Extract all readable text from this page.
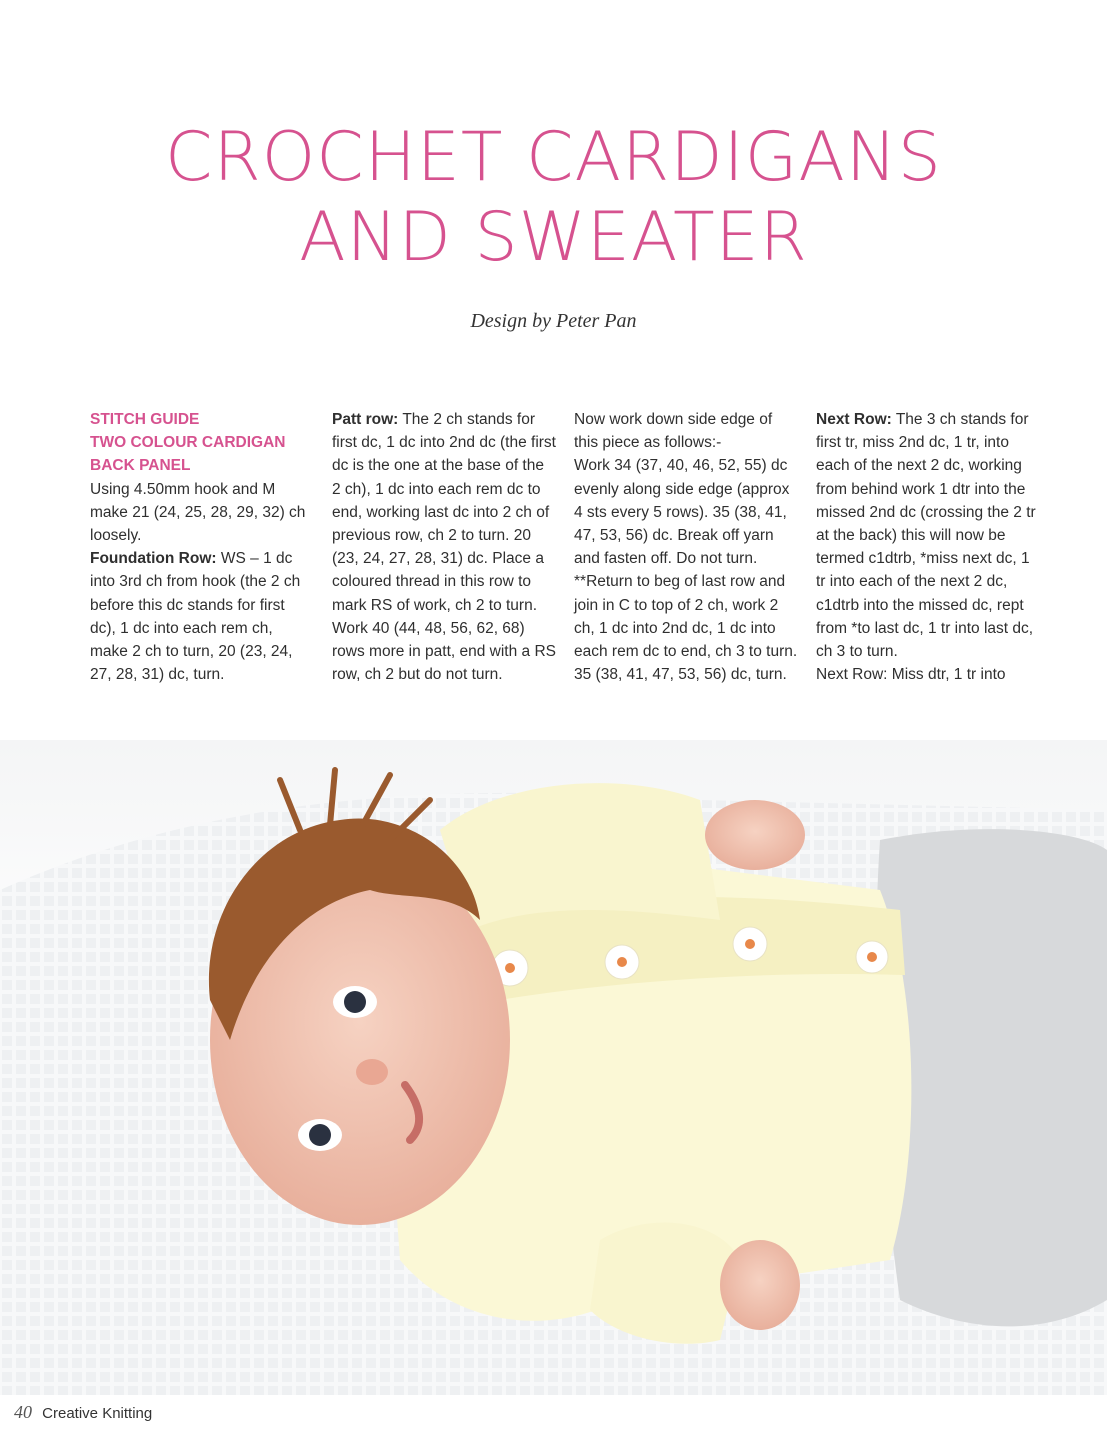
CROCHET CARDIGANS
AND SWEATER
Design by Peter Pan

STITCH GUIDE

TWO COLOUR CARDIGAN

BACK PANEL

Using 4.50mm hook and M make 21 (24, 25, 28, 29, 32) ch loosely.

Foundation Row: WS – 1 dc into 3rd ch from hook (the 2 ch before this dc stands for first dc), 1 dc into each rem ch, make 2 ch to turn, 20 (23, 24, 27, 28, 31) dc, turn.

Patt row: The 2 ch stands for first dc, 1 dc into 2nd dc (the first dc is the one at the base of the 2 ch), 1 dc into each rem dc to end, working last dc into 2 ch of previous row, ch 2 to turn. 20 (23, 24, 27, 28, 31) dc. Place a coloured thread in this row to mark RS of work, ch 2 to turn.

Work 40 (44, 48, 56, 62, 68) rows more in patt, end with a RS row, ch 2 but do not turn.

Now work down side edge of this piece as follows:-

Work 34 (37, 40, 46, 52, 55) dc evenly along side edge (approx 4 sts every 5 rows). 35 (38, 41, 47, 53, 56) dc. Break off yarn and fasten off. Do not turn.

**Return to beg of last row and join in C to top of 2 ch, work 2 ch, 1 dc into 2nd dc, 1 dc into each rem dc to end, ch 3 to turn. 35 (38, 41, 47, 53, 56) dc, turn.

Next Row: The 3 ch stands for first tr, miss 2nd dc, 1 tr, into each of the next 2 dc, working from behind work 1 dtr into the missed 2nd dc (crossing the 2 tr at the back) this will now be termed c1dtrb, *miss next dc, 1 tr into each of the next 2 dc, c1dtrb into the missed dc, rept from *to last dc, 1 tr into last dc, ch 3 to turn.

Next Row: Miss dtr, 1 tr into

40 Creative Knitting
